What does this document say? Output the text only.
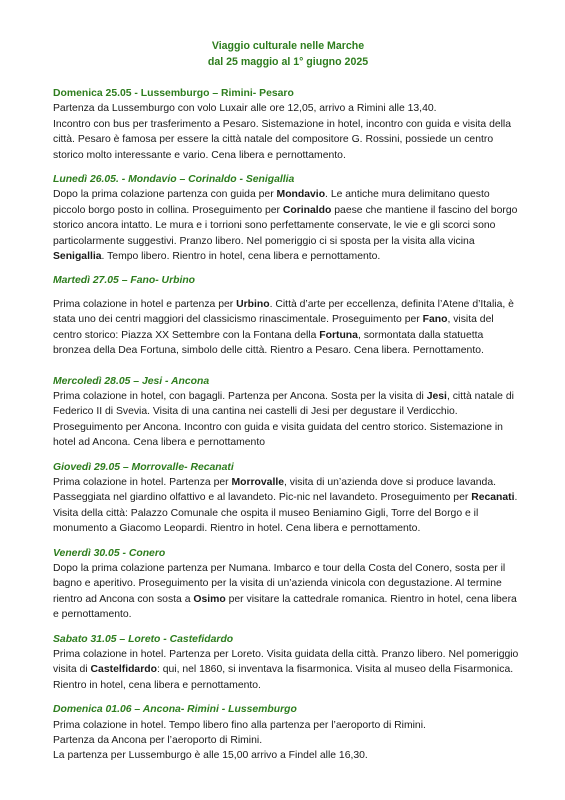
Viaggio culturale nelle Marche
dal 25 maggio al 1° giugno 2025
Domenica 25.05 - Lussemburgo – Rimini- Pesaro
Partenza da Lussemburgo con volo Luxair alle ore 12,05, arrivo a Rimini alle 13,40.
Incontro con bus per trasferimento a Pesaro. Sistemazione in hotel, incontro con guida e visita della città. Pesaro è famosa per essere la città natale del compositore G. Rossini, possiede un centro storico molto interessante e vario. Cena libera e pernottamento.
Lunedì 26.05. - Mondavio – Corinaldo - Senigallia
Dopo la prima colazione partenza con guida per Mondavio. Le antiche mura delimitano questo piccolo borgo posto in collina. Proseguimento per Corinaldo paese che mantiene il fascino del borgo storico ancora intatto. Le mura e i torrioni sono perfettamente conservate, le vie e gli scorci sono particolarmente suggestivi. Pranzo libero. Nel pomeriggio ci si sposta per la visita alla vicina Senigallia. Tempo libero. Rientro in hotel, cena libera e pernottamento.
Martedì 27.05 – Fano- Urbino
Prima colazione in hotel e partenza per Urbino. Città d’arte per eccellenza, definita l’Atene d’Italia, è stata uno dei centri maggiori del classicismo rinascimentale. Proseguimento per Fano, visita del centro storico: Piazza XX Settembre con la Fontana della Fortuna, sormontata dalla statuetta bronzea della Dea Fortuna, simbolo delle città. Rientro a Pesaro. Cena libera. Pernottamento.
Mercoledì 28.05 – Jesi - Ancona
Prima colazione in hotel, con bagagli. Partenza per Ancona. Sosta per la visita di Jesi, città natale di Federico II di Svevia. Visita di una cantina nei castelli di Jesi per degustare il Verdicchio. Proseguimento per Ancona. Incontro con guida e visita guidata del centro storico. Sistemazione in hotel ad Ancona. Cena libera e pernottamento
Giovedì 29.05 – Morrovalle- Recanati
Prima colazione in hotel. Partenza per Morrovalle, visita di un’azienda dove si produce lavanda. Passeggiata nel giardino olfattivo e al lavandeto. Pic-nic nel lavandeto. Proseguimento per Recanati. Visita della città: Palazzo Comunale che ospita il museo Beniamino Gigli, Torre del Borgo e il monumento a Giacomo Leopardi. Rientro in hotel. Cena libera e pernottamento.
Venerdì 30.05 - Conero
Dopo la prima colazione partenza per Numana. Imbarco e tour della Costa del Conero, sosta per il bagno e aperitivo. Proseguimento per la visita di un’azienda vinicola con degustazione. Al termine rientro ad Ancona con sosta a Osimo per visitare la cattedrale romanica. Rientro in hotel, cena libera e pernottamento.
Sabato 31.05 – Loreto - Castefidardo
Prima colazione in hotel. Partenza per Loreto. Visita guidata della città. Pranzo libero. Nel pomeriggio visita di Castelfidardo: qui, nel 1860, si inventava la fisarmonica. Visita al museo della Fisarmonica. Rientro in hotel, cena libera e pernottamento.
Domenica 01.06 – Ancona- Rimini - Lussemburgo
Prima colazione in hotel. Tempo libero fino alla partenza per l’aeroporto di Rimini.
Partenza da Ancona per l’aeroporto di Rimini.
La partenza per Lussemburgo è alle 15,00 arrivo a Findel alle 16,30.
